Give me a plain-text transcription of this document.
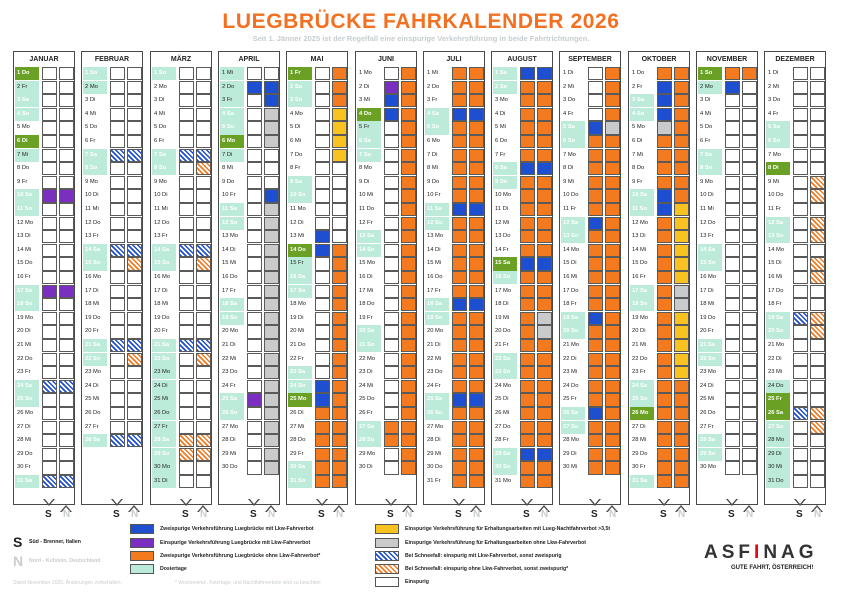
LUEGBRÜCKE FAHRKALENDER 2026
Seit 1. Jänner 2025 ist der Regelfall eine einspurige Verkehrsführung in beide Fahrtrichtungen.
JANUAR
1 Do
2 Fr
3 Sa
4 So
5 Mo
6 Di
7 Mi
8 Do
9 Fr
10 Sa
11 So
12 Mo
13 Di
14 Mi
15 Do
16 Fr
17 Sa
18 So
19 Mo
20 Di
21 Mi
22 Do
23 Fr
24 Sa
25 So
26 Mo
27 Di
28 Mi
29 Do
30 Fr
31 Sa
S N
FEBRUAR
1 So
2 Mo
3 Di
4 Mi
5 Do
6 Fr
7 Sa
8 So
9 Mo
10 Di
11 Mi
12 Do
13 Fr
14 Sa
15 So
16 Mo
17 Di
18 Mi
19 Do
20 Fr
21 Sa
22 So
23 Mo
24 Di
25 Mi
26 Do
27 Fr
28 Sa
S N
MÄRZ
1 So
2 Mo
3 Di
4 Mi
5 Do
6 Fr
7 Sa
8 So
9 Mo
10 Di
11 Mi
12 Do
13 Fr
14 Sa
15 So
16 Mo
17 Di
18 Mi
19 Do
20 Fr
21 Sa
22 So
23 Mo
24 Di
25 Mi
26 Do
27 Fr
28 Sa
29 So
30 Mo
31 Di
S N
APRIL
1 Mi
2 Do
3 Fr
4 Sa
5 So
6 Mo
7 Di
8 Mi
9 Do
10 Fr
11 Sa
12 So
13 Mo
14 Di
15 Mi
16 Do
17 Fr
18 Sa
19 So
20 Mo
21 Di
22 Mi
23 Do
24 Fr
25 Sa
26 So
27 Mo
28 Di
29 Mi
30 Do
S N
MAI
1 Fr
2 Sa
3 So
4 Mo
5 Di
6 Mi
7 Do
8 Fr
9 Sa
10 So
11 Mo
12 Di
13 Mi
14 Do
15 Fr
16 Sa
17 So
18 Mo
19 Di
20 Mi
21 Do
22 Fr
23 Sa
24 So
25 Mo
26 Di
27 Mi
28 Do
29 Fr
30 Sa
31 So
S N
JUNI
1 Mo
2 Di
3 Mi
4 Do
5 Fr
6 Sa
7 So
8 Mo
9 Di
10 Mi
11 Do
12 Fr
13 Sa
14 So
15 Mo
16 Di
17 Mi
18 Do
19 Fr
20 Sa
21 So
22 Mo
23 Di
24 Mi
25 Do
26 Fr
27 Sa
28 So
29 Mo
30 Di
S N
JULI
1 Mi
2 Do
3 Fr
4 Sa
5 So
6 Mo
7 Di
8 Mi
9 Do
10 Fr
11 Sa
12 So
13 Mo
14 Di
15 Mi
16 Do
17 Fr
18 Sa
19 So
20 Mo
21 Di
22 Mi
23 Do
24 Fr
25 Sa
26 So
27 Mo
28 Di
29 Mi
30 Do
31 Fr
S N
AUGUST
1 Sa
2 So
3 Mo
4 Di
5 Mi
6 Do
7 Fr
8 Sa
9 So
10 Mo
11 Di
12 Mi
13 Do
14 Fr
15 Sa
16 So
17 Mo
18 Di
19 Mi
20 Do
21 Fr
22 Sa
23 So
24 Mo
25 Di
26 Mi
27 Do
28 Fr
29 Sa
30 So
31 Mo
S N
SEPTEMBER
1 Di
2 Mi
3 Do
4 Fr
5 Sa
6 So
7 Mo
8 Di
9 Mi
10 Do
11 Fr
12 Sa
13 So
14 Mo
15 Di
16 Mi
17 Do
18 Fr
19 Sa
20 So
21 Mo
22 Di
23 Mi
24 Do
25 Fr
26 Sa
27 So
28 Mo
29 Di
30 Mi
S N
OKTOBER
1 Do
2 Fr
3 Sa
4 So
5 Mo
6 Di
7 Mi
8 Do
9 Fr
10 Sa
11 So
12 Mo
13 Di
14 Mi
15 Do
16 Fr
17 Sa
18 So
19 Mo
20 Di
21 Mi
22 Do
23 Fr
24 Sa
25 So
26 Mo
27 Di
28 Mi
29 Do
30 Fr
31 Sa
S N
NOVEMBER
1 So
2 Mo
3 Di
4 Mi
5 Do
6 Fr
7 Sa
8 So
9 Mo
10 Di
11 Mi
12 Do
13 Fr
14 Sa
15 So
16 Mo
17 Di
18 Mi
19 Do
20 Fr
21 Sa
22 So
23 Mo
24 Di
25 Mi
26 Do
27 Fr
28 Sa
29 So
30 Mo
S N
DEZEMBER
1 Di
2 Mi
3 Do
4 Fr
5 Sa
6 So
7 Mo
8 Di
9 Mi
10 Do
11 Fr
12 Sa
13 So
14 Mo
15 Di
16 Mi
17 Do
18 Fr
19 Sa
20 So
21 Mo
22 Di
23 Mi
24 Do
25 Fr
26 Sa
27 So
28 Mo
29 Di
30 Mi
31 Do
S N
S Süd - Brenner, Italien
N Nord - Kufstein, Deutschland
Stand November 2025, Änderungen vorbehalten.	* Wochenend-, Feiertags- und Nachtfahrverbote sind zu beachten
ASFINAG
GUTE FAHRT, ÖSTERREICH!
Zweispurige Verkehrsführung Luegbrücke mit Lkw-Fahrverbot
Einspurige Verkehrsführung Luegbrücke mit Lkw-Fahrverbot
Zweispurige Verkehrsführung Luegbrücke ohne Lkw-Fahrverbot*
Dosiertage
Einspurige Verkehrsführung für Erhaltungsarbeiten mit Lueg-Nachtfahrverbot >3,5t
Einspurige Verkehrsführung für Erhaltungsarbeiten ohne Lkw-Fahrverbot
Bei Schneefall: einspurig mit Lkw-Fahrverbot, sonst zweispurig
Bei Schneefall: einspurig ohne Lkw-Fahrverbot, sonst zweispurig*
Einspurig
